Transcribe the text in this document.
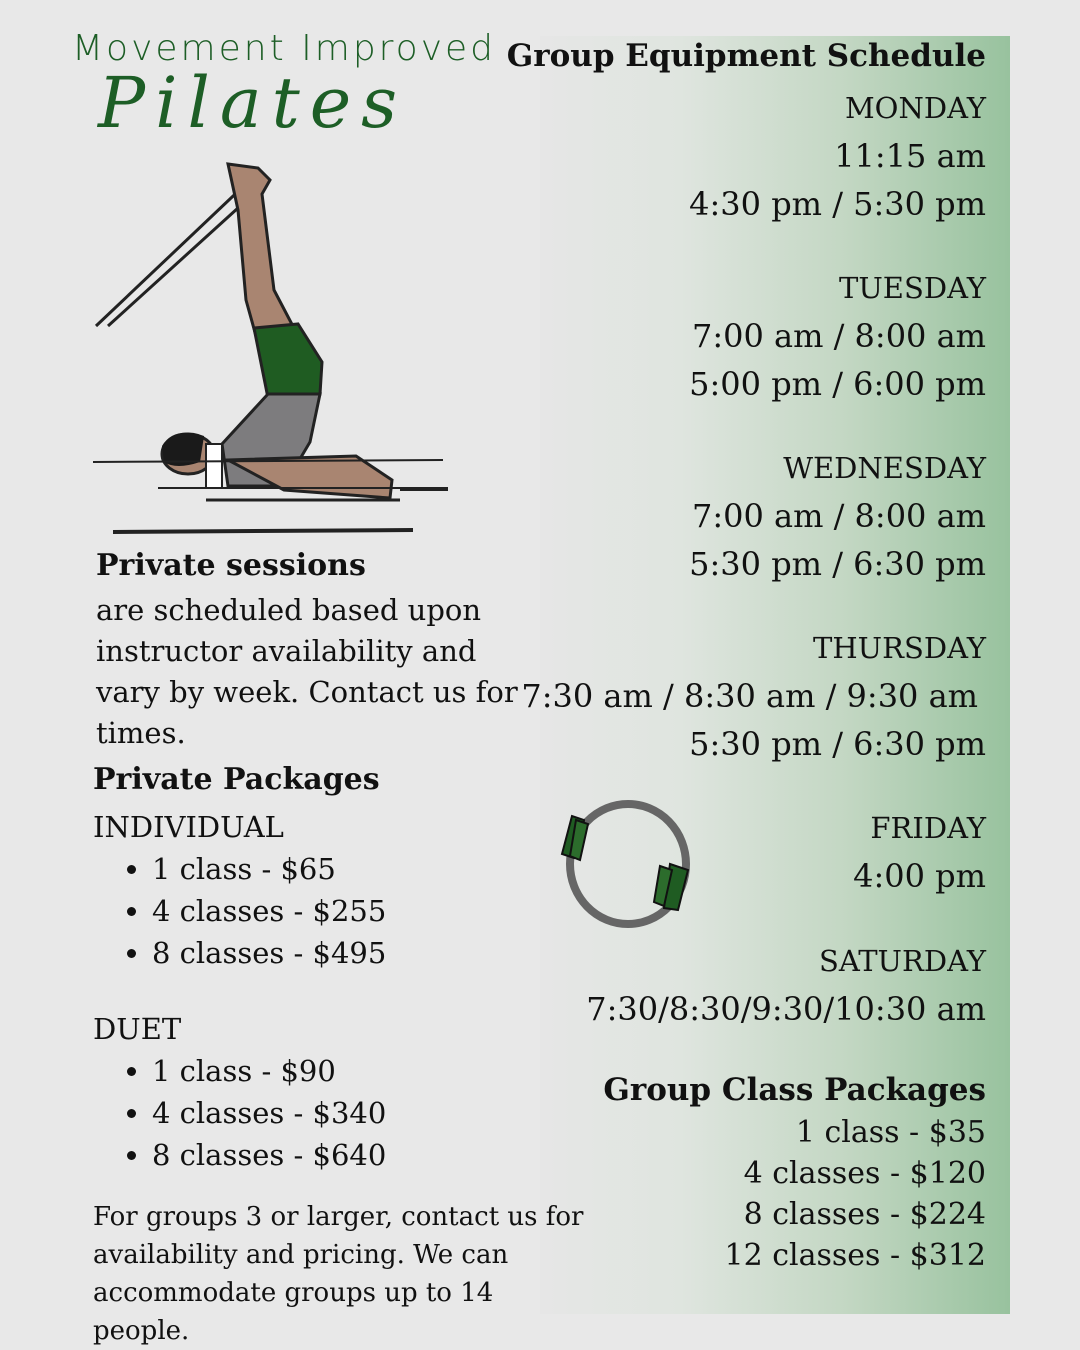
Movement Improved
Pilates
Private sessions
are scheduled based upon instructor availability and vary by week. Contact us for times.
Private Packages
INDIVIDUAL
• 1 class - $65
• 4 classes - $255
• 8 classes - $495
DUET
• 1 class - $90
• 4 classes - $340
• 8 classes - $640
For groups 3 or larger, contact us for availability and pricing. We can accommodate groups up to 14 people.
Group Equipment Schedule
MONDAY
11:15 am
4:30 pm / 5:30 pm
TUESDAY
7:00 am / 8:00 am
5:00 pm / 6:00 pm
WEDNESDAY
7:00 am / 8:00 am
5:30 pm / 6:30 pm
THURSDAY
7:30 am / 8:30 am / 9:30 am
5:30 pm / 6:30 pm
FRIDAY
4:00 pm
SATURDAY
7:30/8:30/9:30/10:30 am
Group Class Packages
1 class - $35
4 classes - $120
8 classes - $224
12 classes - $312
